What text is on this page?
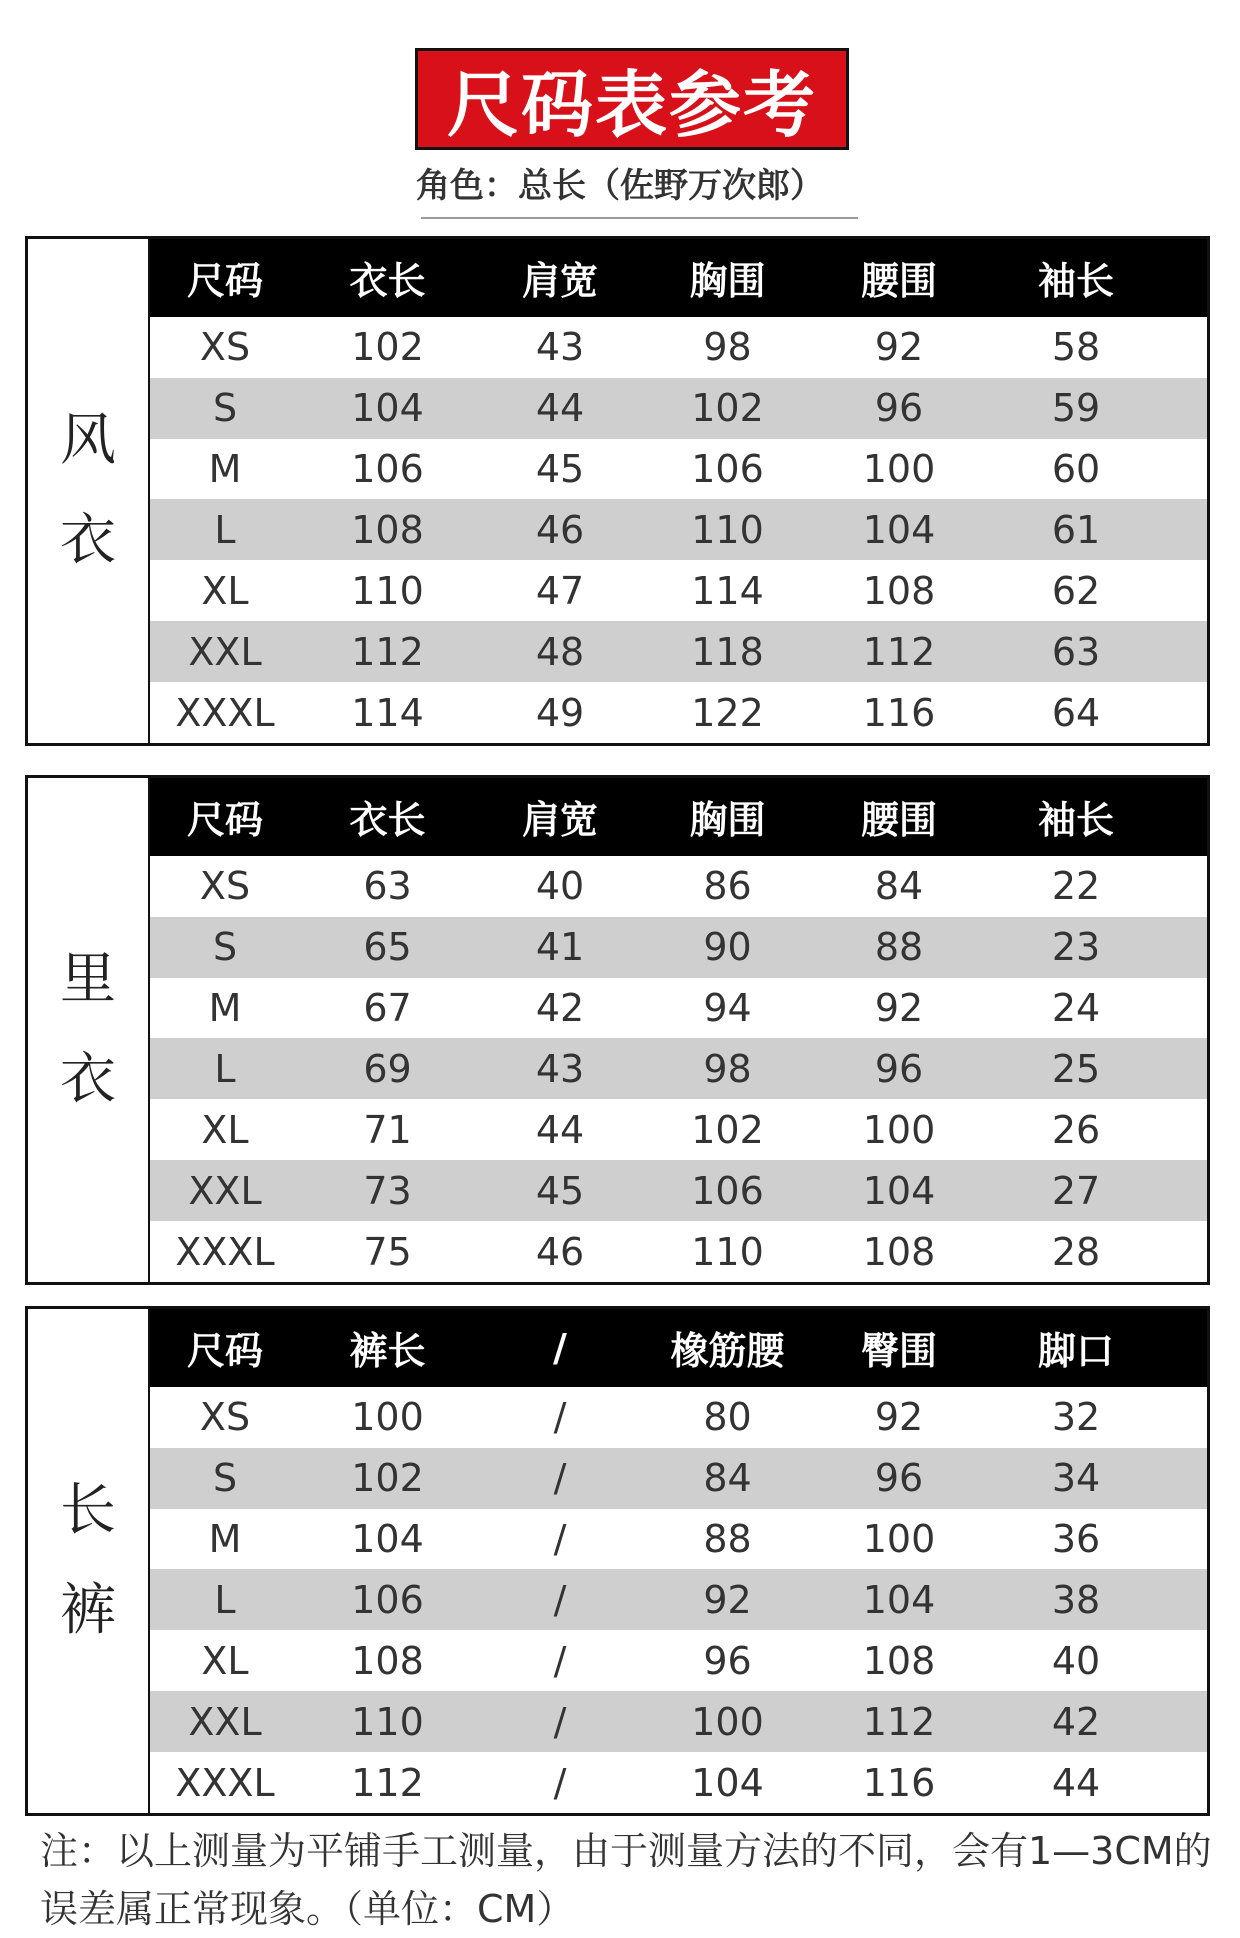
尺码表参考
角色：总长（佐野万次郎）
风
衣
尺码	衣长	肩宽	胸围	腰围	袖长
XS	102	43	98	92	58
S	104	44	102	96	59
M	106	45	106	100	60
L	108	46	110	104	61
XL	110	47	114	108	62
XXL	112	48	118	112	63
XXXL	114	49	122	116	64
里
衣
尺码	衣长	肩宽	胸围	腰围	袖长
XS	63	40	86	84	22
S	65	41	90	88	23
M	67	42	94	92	24
L	69	43	98	96	25
XL	71	44	102	100	26
XXL	73	45	106	104	27
XXXL	75	46	110	108	28
长
裤
尺码	裤长	/	橡筋腰	臀围	脚口
XS	100	/	80	92	32
S	102	/	84	96	34
M	104	/	88	100	36
L	106	/	92	104	38
XL	108	/	96	108	40
XXL	110	/	100	112	42
XXXL	112	/	104	116	44
注：以上测量为平铺手工测量，由于测量方法的不同，会有1—3CM的误差属正常现象。（单位：CM）
